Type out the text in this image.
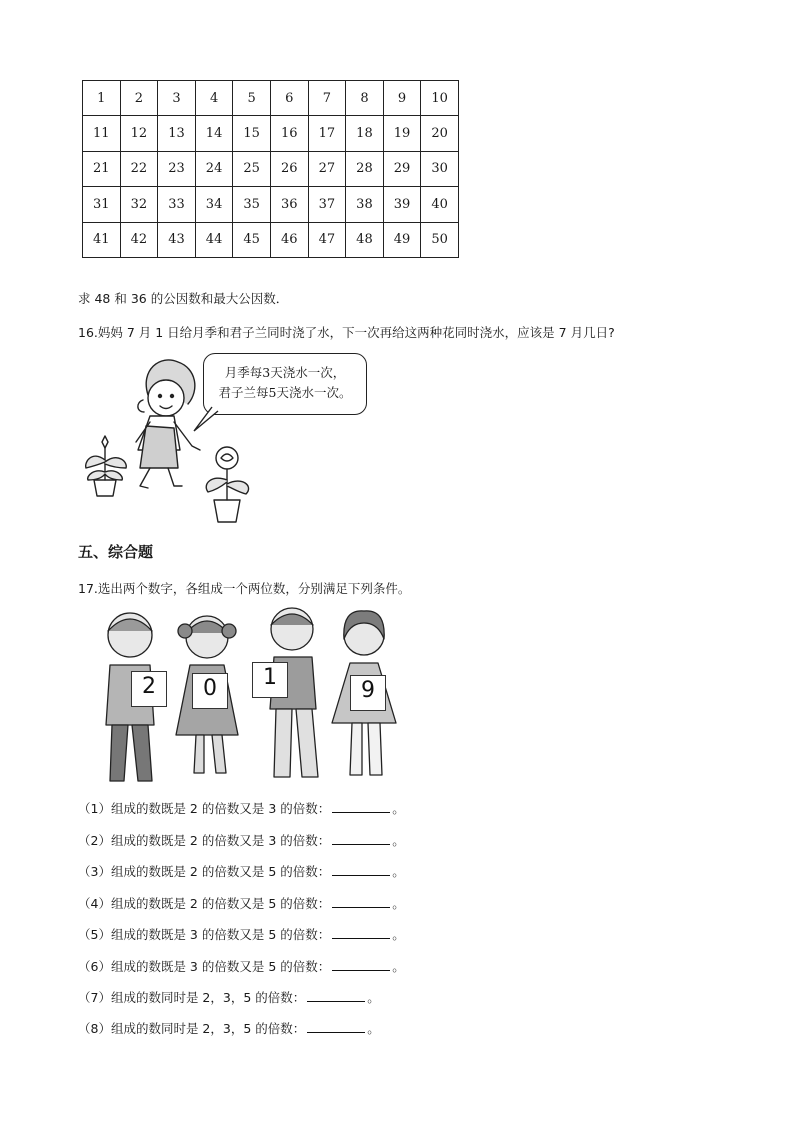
1	2	3	4	5	6	7	8	9	10
11	12	13	14	15	16	17	18	19	20
21	22	23	24	25	26	27	28	29	30
31	32	33	34	35	36	37	38	39	40
41	42	43	44	45	46	47	48	49	50
求 48 和 36 的公因数和最大公因数．
16.妈妈 7 月 1 日给月季和君子兰同时浇了水，下一次再给这两种花同时浇水，应该是 7 月几日?
月季每3天浇水一次，
君子兰每5天浇水一次。
五、综合题
17.选出两个数字，各组成一个两位数，分别满足下列条件。
2	0	1
9
（1）组成的数既是 2 的倍数又是 3 的倍数：	。
（2）组成的数既是 2 的倍数又是 3 的倍数：	。
（3）组成的数既是 2 的倍数又是 5 的倍数：	。
（4）组成的数既是 2 的倍数又是 5 的倍数：	。
（5）组成的数既是 3 的倍数又是 5 的倍数：	。
（6）组成的数既是 3 的倍数又是 5 的倍数：	。
（7）组成的数同时是 2，3，5 的倍数：	。
（8）组成的数同时是 2，3，5 的倍数：	。
